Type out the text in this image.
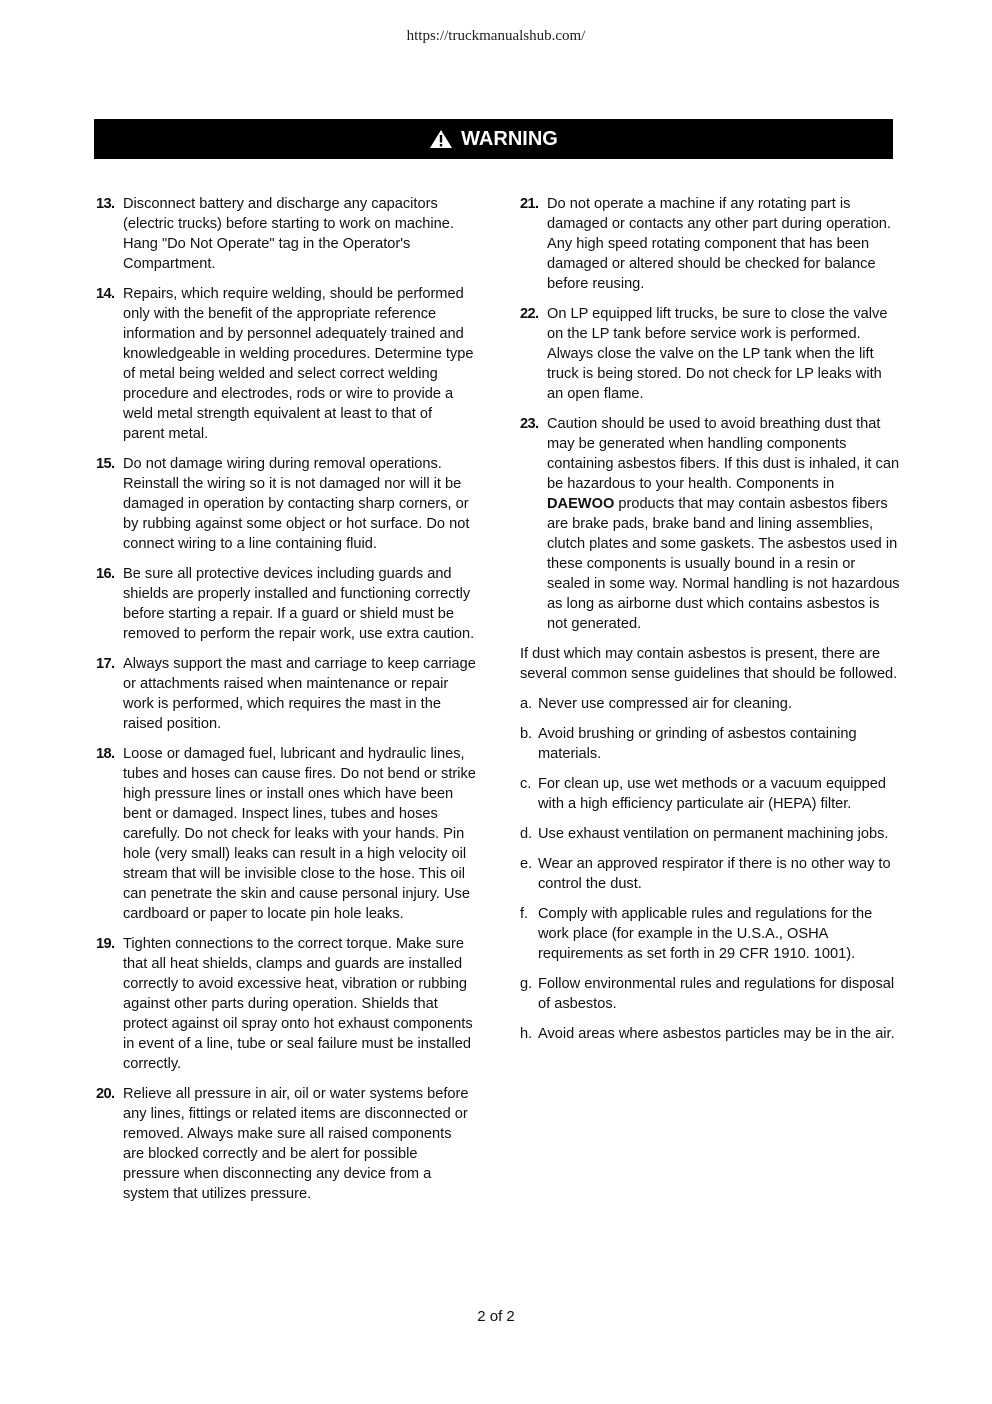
https://truckmanualshub.com/
WARNING
13. Disconnect battery and discharge any capacitors (electric trucks) before starting to work on machine. Hang "Do Not Operate" tag in the Operator's Compartment.
14. Repairs, which require welding, should be performed only with the benefit of the appropriate reference information and by personnel adequately trained and knowledgeable in welding procedures. Determine type of metal being welded and select correct welding procedure and electrodes, rods or wire to provide a weld metal strength equivalent at least to that of parent metal.
15. Do not damage wiring during removal operations. Reinstall the wiring so it is not damaged nor will it be damaged in operation by contacting sharp corners, or by rubbing against some object or hot surface. Do not connect wiring to a line containing fluid.
16. Be sure all protective devices including guards and shields are properly installed and functioning correctly before starting a repair. If a guard or shield must be removed to perform the repair work, use extra caution.
17. Always support the mast and carriage to keep carriage or attachments raised when maintenance or repair work is performed, which requires the mast in the raised position.
18. Loose or damaged fuel, lubricant and hydraulic lines, tubes and hoses can cause fires. Do not bend or strike high pressure lines or install ones which have been bent or damaged. Inspect lines, tubes and hoses carefully. Do not check for leaks with your hands. Pin hole (very small) leaks can result in a high velocity oil stream that will be invisible close to the hose. This oil can penetrate the skin and cause personal injury. Use cardboard or paper to locate pin hole leaks.
19. Tighten connections to the correct torque. Make sure that all heat shields, clamps and guards are installed correctly to avoid excessive heat, vibration or rubbing against other parts during operation. Shields that protect against oil spray onto hot exhaust components in event of a line, tube or seal failure must be installed correctly.
20. Relieve all pressure in air, oil or water systems before any lines, fittings or related items are disconnected or removed. Always make sure all raised components are blocked correctly and be alert for possible pressure when disconnecting any device from a system that utilizes pressure.
21. Do not operate a machine if any rotating part is damaged or contacts any other part during operation. Any high speed rotating component that has been damaged or altered should be checked for balance before reusing.
22. On LP equipped lift trucks, be sure to close the valve on the LP tank before service work is performed. Always close the valve on the LP tank when the lift truck is being stored. Do not check for LP leaks with an open flame.
23. Caution should be used to avoid breathing dust that may be generated when handling components containing asbestos fibers. If this dust is inhaled, it can be hazardous to your health. Components in DAEWOO products that may contain asbestos fibers are brake pads, brake band and lining assemblies, clutch plates and some gaskets. The asbestos used in these components is usually bound in a resin or sealed in some way. Normal handling is not hazardous as long as airborne dust which contains asbestos is not generated.
If dust which may contain asbestos is present, there are several common sense guidelines that should be followed.
a. Never use compressed air for cleaning.
b. Avoid brushing or grinding of asbestos containing materials.
c. For clean up, use wet methods or a vacuum equipped with a high efficiency particulate air (HEPA) filter.
d. Use exhaust ventilation on permanent machining jobs.
e. Wear an approved respirator if there is no other way to control the dust.
f. Comply with applicable rules and regulations for the work place (for example in the U.S.A., OSHA requirements as set forth in 29 CFR 1910. 1001).
g. Follow environmental rules and regulations for disposal of asbestos.
h. Avoid areas where asbestos particles may be in the air.
2 of 2
